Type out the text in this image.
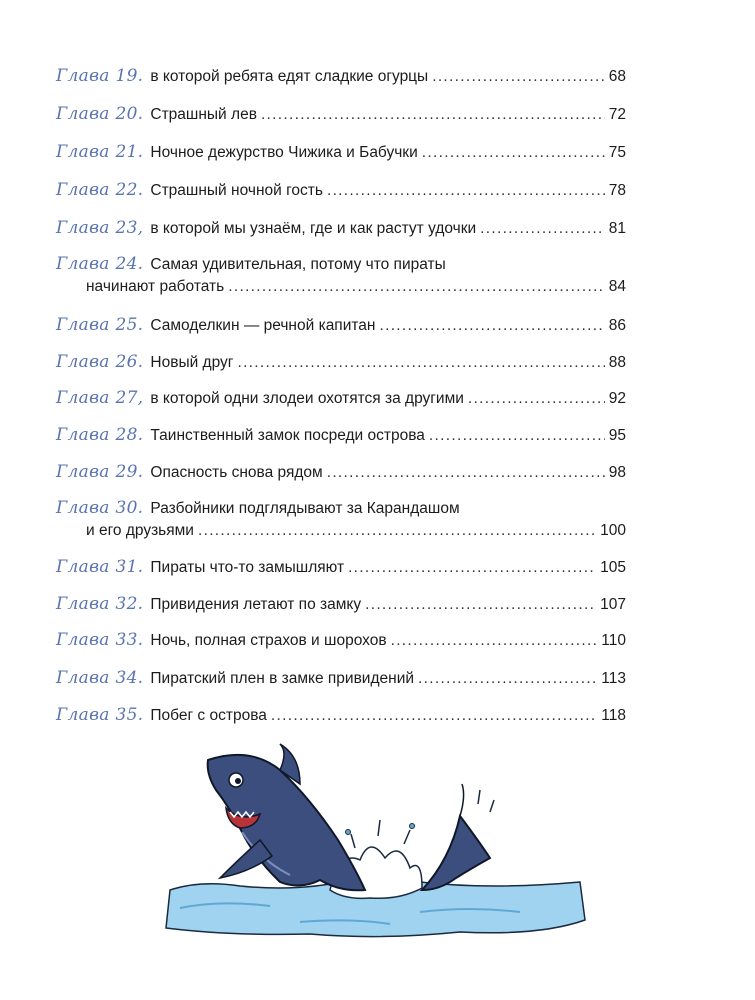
Глава 19. в которой ребята едят сладкие огурцы . . .	68
Глава 20. Страшный лев . . .	72
Глава 21. Ночное дежурство Чижика и Бабучки . . .	75
Глава 22. Страшный ночной гость . . .	78
Глава 23, в которой мы узнаём, где и как растут удочки . . .	81
Глава 24. Самая удивительная, потому что пираты
начинают работать . . .	84
Глава 25. Самоделкин — речной капитан . . .	86
Глава 26. Новый друг . . .	88
Глава 27, в которой одни злодеи охотятся за другими . . .	92
Глава 28. Таинственный замок посреди острова . . .	95
Глава 29. Опасность снова рядом . . .	98
Глава 30. Разбойники подглядывают за Карандашом
и его друзьями . . .	100
Глава 31. Пираты что-то замышляют . . .	105
Глава 32. Привидения летают по замку . . .	107
Глава 33. Ночь, полная страхов и шорохов . . .	110
Глава 34. Пиратский плен в замке привидений . . .	113
Глава 35. Побег с острова . . .	118
